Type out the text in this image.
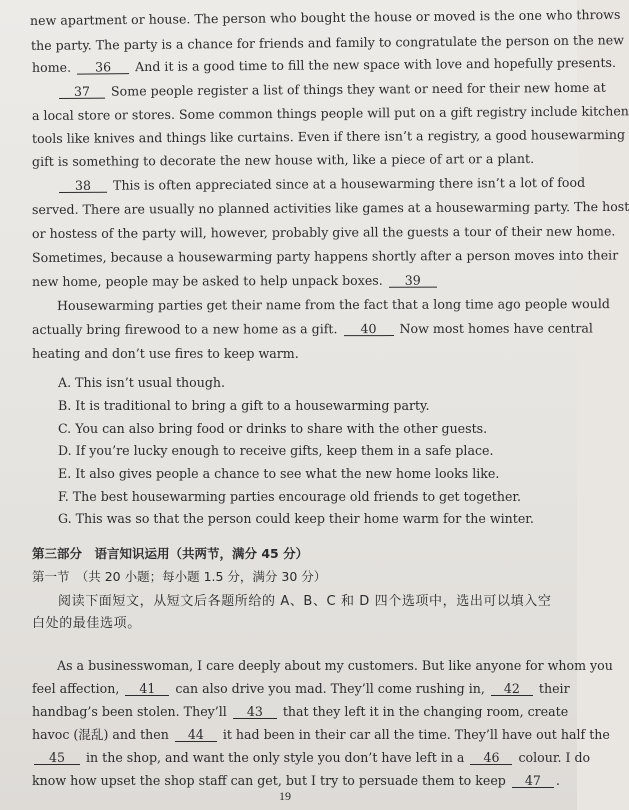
new apartment or house. The person who bought the house or moved is the one who throws
the party. The party is a chance for friends and family to congratulate the person on the new
home. 36 And it is a good time to fill the new space with love and hopefully presents.
37 Some people register a list of things they want or need for their new home at
a local store or stores. Some common things people will put on a gift registry include kitchen
tools like knives and things like curtains. Even if there isn’t a registry, a good housewarming
gift is something to decorate the new house with, like a piece of art or a plant.
38 This is often appreciated since at a housewarming there isn’t a lot of food
served. There are usually no planned activities like games at a housewarming party. The host
or hostess of the party will, however, probably give all the guests a tour of their new home.
Sometimes, because a housewarming party happens shortly after a person moves into their
new home, people may be asked to help unpack boxes. 39
Housewarming parties get their name from the fact that a long time ago people would
actually bring firewood to a new home as a gift. 40 Now most homes have central
heating and don’t use fires to keep warm.
A. This isn’t usual though.
B. It is traditional to bring a gift to a housewarming party.
C. You can also bring food or drinks to share with the other guests.
D. If you’re lucky enough to receive gifts, keep them in a safe place.
E. It also gives people a chance to see what the new home looks like.
F. The best housewarming parties encourage old friends to get together.
G. This was so that the person could keep their home warm for the winter.
第三部分　语言知识运用（共两节，满分 45 分）
第一节　（共 20 小题；每小题 1.5 分，满分 30 分）
阅读下面短文，从短文后各题所给的 A、B、C 和 D 四个选项中，选出可以填入空
白处的最佳选项。
As a businesswoman, I care deeply about my customers. But like anyone for whom you
feel affection, 41 can also drive you mad. They’ll come rushing in, 42 their
handbag’s been stolen. They’ll 43 that they left it in the changing room, create
havoc (混乱) and then 44 it had been in their car all the time. They’ll have out half the
45 in the shop, and want the only style you don’t have left in a 46 colour. I do
know how upset the shop staff can get, but I try to persuade them to keep 47 .
19
